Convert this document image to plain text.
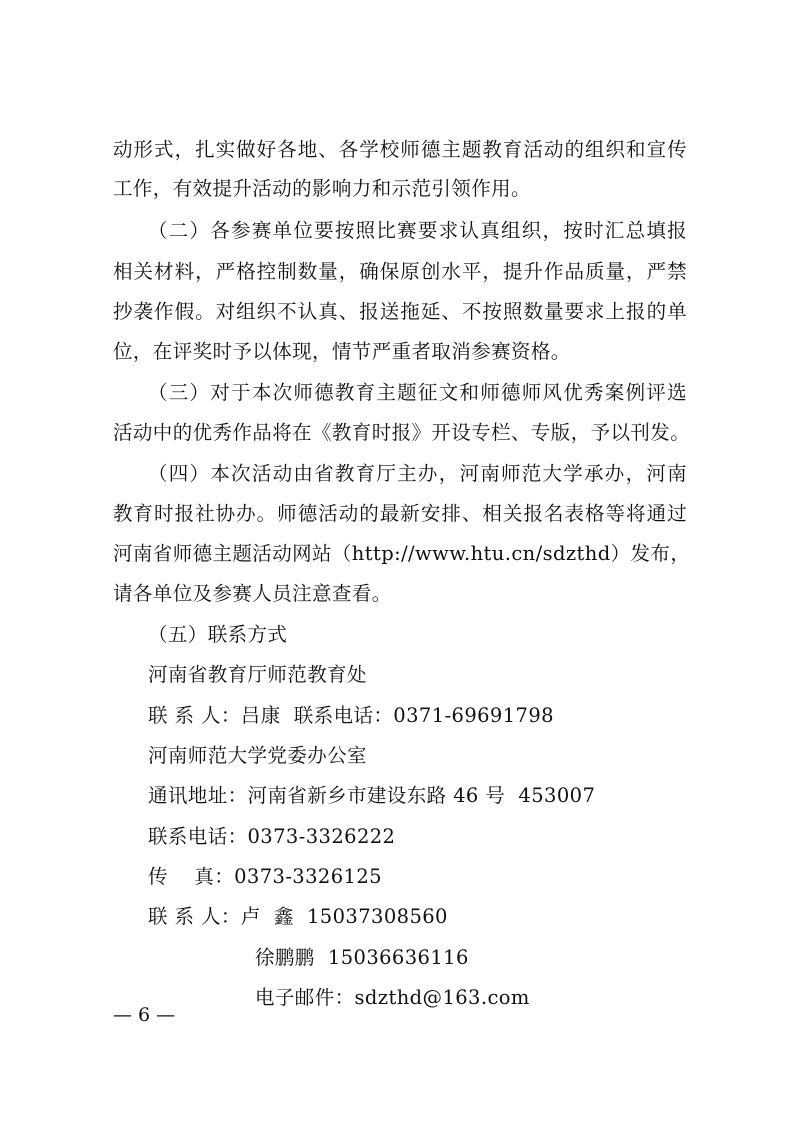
动形式，扎实做好各地、各学校师德主题教育活动的组织和宣传
工作，有效提升活动的影响力和示范引领作用。
（二）各参赛单位要按照比赛要求认真组织，按时汇总填报
相关材料，严格控制数量，确保原创水平，提升作品质量，严禁
抄袭作假。对组织不认真、报送拖延、不按照数量要求上报的单
位，在评奖时予以体现，情节严重者取消参赛资格。
（三）对于本次师德教育主题征文和师德师风优秀案例评选
活动中的优秀作品将在《教育时报》开设专栏、专版，予以刊发。
（四）本次活动由省教育厅主办，河南师范大学承办，河南
教育时报社协办。师德活动的最新安排、相关报名表格等将通过
河南省师德主题活动网站（http://www.htu.cn/sdzthd）发布，
请各单位及参赛人员注意查看。
（五）联系方式
河南省教育厅师范教育处
联 系 人：吕康  联系电话：0371-69691798
河南师范大学党委办公室
通讯地址：河南省新乡市建设东路 46 号  453007
联系电话：0373-3326222
传    真：0373-3326125
联 系 人：卢  鑫  15037308560
徐鹏鹏  15036636116
电子邮件：sdzthd@163.com
— 6 —
